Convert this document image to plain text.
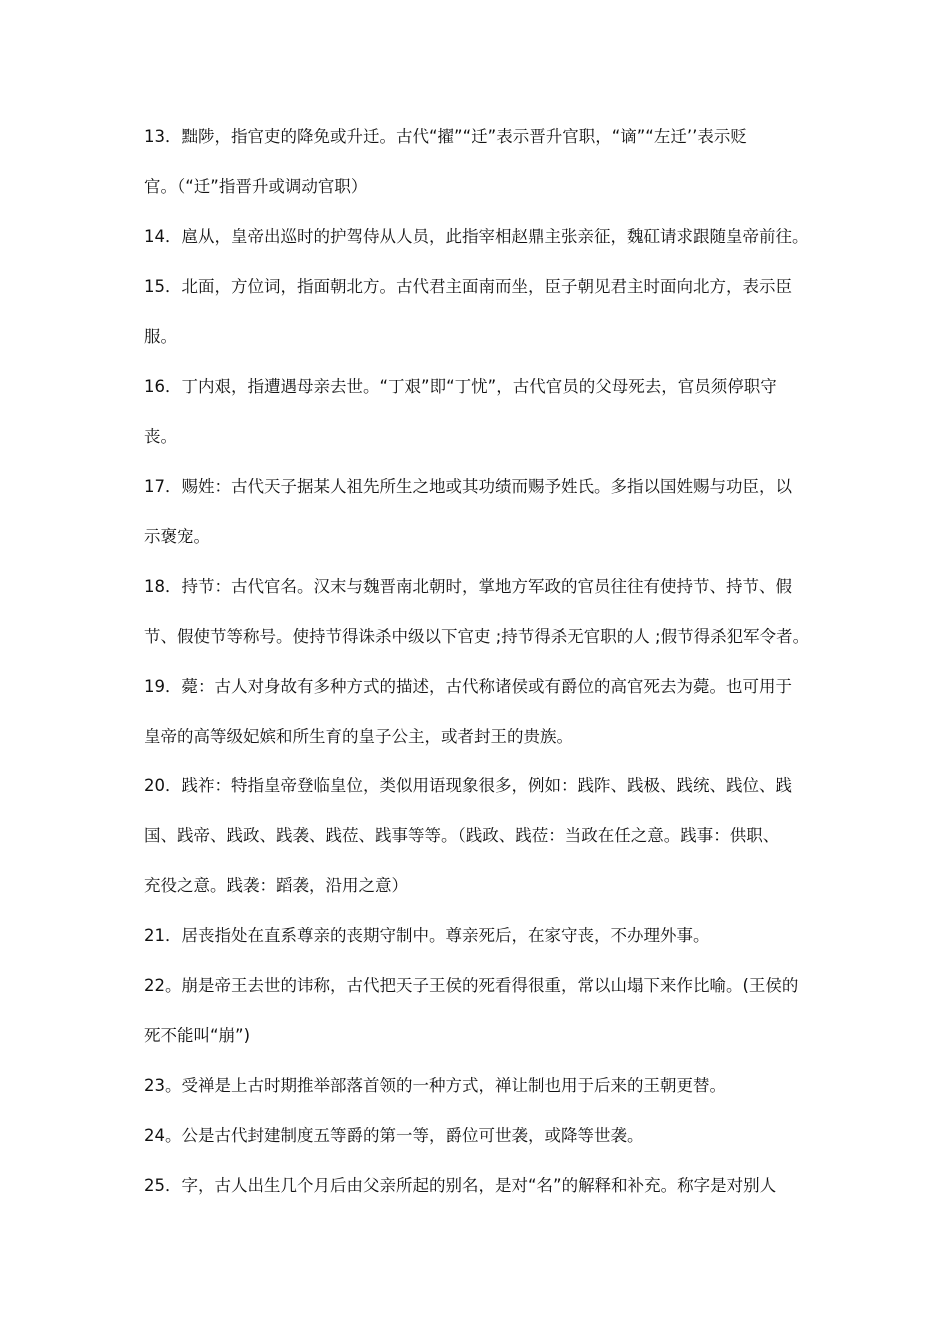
13．黜陟，指官吏的降免或升迁。古代“擢”“迁”表示晋升官职，“谪”“左迁’’表示贬
官。（“迁”指晋升或调动官职）
14．扈从，皇帝出巡时的护驾侍从人员，此指宰相赵鼎主张亲征，魏矼请求跟随皇帝前往。
15．北面，方位词，指面朝北方。古代君主面南而坐，臣子朝见君主时面向北方，表示臣
服。
16．丁内艰，指遭遇母亲去世。“丁艰”即“丁忧”，古代官员的父母死去，官员须停职守
丧。
17．赐姓：古代天子据某人祖先所生之地或其功绩而赐予姓氏。多指以国姓赐与功臣，以
示褒宠。
18．持节：古代官名。汉末与魏晋南北朝时，掌地方军政的官员往往有使持节、持节、假
节、假使节等称号。使持节得诛杀中级以下官吏 ;持节得杀无官职的人 ;假节得杀犯军令者。
19．薨：古人对身故有多种方式的描述，古代称诸侯或有爵位的高官死去为薨。也可用于
皇帝的高等级妃嫔和所生育的皇子公主，或者封王的贵族。
20．践祚：特指皇帝登临皇位，类似用语现象很多，例如：践阼、践极、践统、践位、践
国、践帝、践政、践袭、践莅、践事等等。（践政、践莅：当政在任之意。践事：供职、
充役之意。践袭：蹈袭，沿用之意）
21．居丧指处在直系尊亲的丧期守制中。尊亲死后，在家守丧，不办理外事。
22。崩是帝王去世的讳称，古代把天子王侯的死看得很重，常以山塌下来作比喻。(王侯的
死不能叫“崩”)
23。受禅是上古时期推举部落首领的一种方式，禅让制也用于后来的王朝更替。
24。公是古代封建制度五等爵的第一等，爵位可世袭，或降等世袭。
25．字，古人出生几个月后由父亲所起的别名，是对“名”的解释和补充。称字是对别人
